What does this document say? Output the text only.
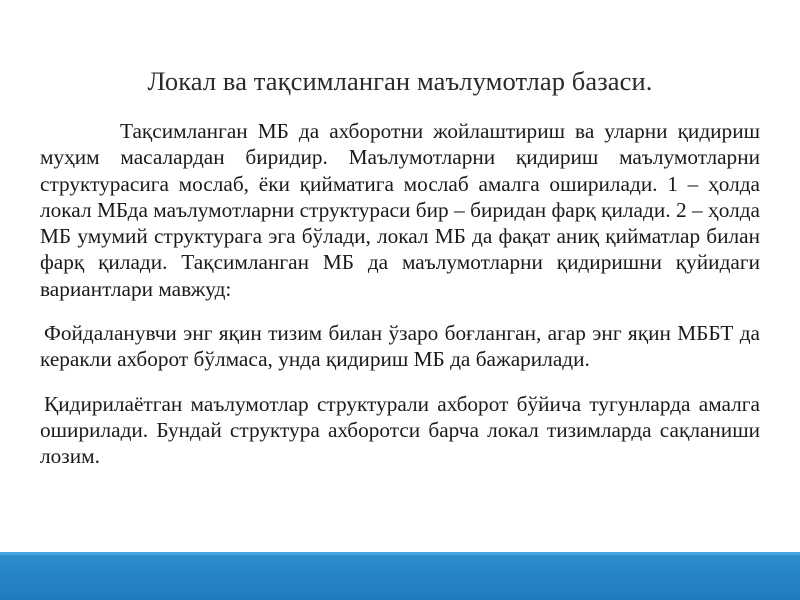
Локал ва тақсимланган маълумотлар базаси.

Тақсимланган МБ да ахборотни жойлаштириш ва уларни қидириш муҳим масалардан биридир. Маълумотларни қидириш маълумотларни структурасига мослаб, ёки қийматига мослаб амалга оширилади. 1 – ҳолда локал МБда маълумотларни структураси бир – биридан фарқ қилади. 2 – ҳолда МБ умумий структурага эга бўлади, локал МБ да фақат аниқ қийматлар билан фарқ қилади. Тақсимланган МБ да маълумотларни қидиришни қуйидаги вариантлари мавжуд:

Фойдаланувчи энг яқин тизим билан ўзаро боғланган, агар энг яқин МББТ да керакли ахборот бўлмаса, унда қидириш МБ да бажарилади.

Қидирилаётган маълумотлар структурали ахборот бўйича тугунларда амалга оширилади. Бундай структура ахборотси барча локал тизимларда сақланиши лозим.
